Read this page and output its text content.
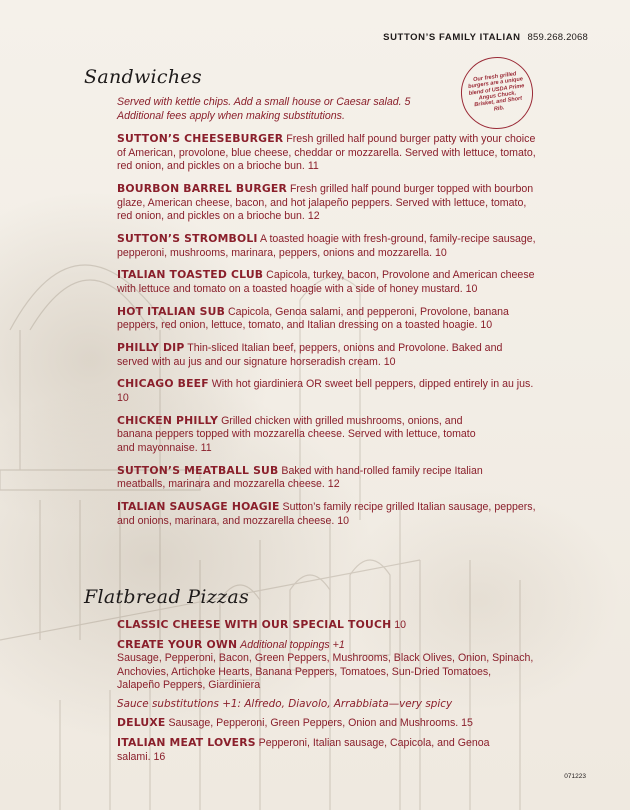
SUTTON’S FAMILY ITALIAN 859.268.2068
Our fresh grilled burgers are a unique blend of USDA Prime Angus Chuck, Brisket, and Short Rib.
Sandwiches
Served with kettle chips. Add a small house or Caesar salad. 5
Additional fees apply when making substitutions.
SUTTON’S CHEESEBURGER Fresh grilled half pound burger patty with your choice of American, provolone, blue cheese, cheddar or mozzarella. Served with lettuce, tomato, red onion, and pickles on a brioche bun. 11
BOURBON BARREL BURGER Fresh grilled half pound burger topped with bourbon glaze, American cheese, bacon, and hot jalapeño peppers. Served with lettuce, tomato, red onion, and pickles on a brioche bun. 12
SUTTON’S STROMBOLI A toasted hoagie with fresh-ground, family-recipe sausage, pepperoni, mushrooms, marinara, peppers, onions and mozzarella. 10
ITALIAN TOASTED CLUB Capicola, turkey, bacon, Provolone and American cheese with lettuce and tomato on a toasted hoagie with a side of honey mustard. 10
HOT ITALIAN SUB Capicola, Genoa salami, and pepperoni, Provolone, banana peppers, red onion, lettuce, tomato, and Italian dressing on a toasted hoagie. 10
PHILLY DIP Thin-sliced Italian beef, peppers, onions and Provolone. Baked and served with au jus and our signature horseradish cream. 10
CHICAGO BEEF With hot giardiniera OR sweet bell peppers, dipped entirely in au jus. 10
CHICKEN PHILLY Grilled chicken with grilled mushrooms, onions, and banana peppers topped with mozzarella cheese. Served with lettuce, tomato and mayonnaise. 11
SUTTON’S MEATBALL SUB Baked with hand-rolled family recipe Italian meatballs, marinara and mozzarella cheese. 12
ITALIAN SAUSAGE HOAGIE Sutton’s family recipe grilled Italian sausage, peppers, and onions, marinara, and mozzarella cheese. 10
Flatbread Pizzas
CLASSIC CHEESE WITH OUR SPECIAL TOUCH 10
CREATE YOUR OWN Additional toppings +1
Sausage, Pepperoni, Bacon, Green Peppers, Mushrooms, Black Olives, Onion, Spinach, Anchovies, Artichoke Hearts, Banana Peppers, Tomatoes, Sun-Dried Tomatoes, Jalapeño Peppers, Giardiniera
Sauce substitutions +1: Alfredo, Diavolo, Arrabbiata—very spicy
DELUXE Sausage, Pepperoni, Green Peppers, Onion and Mushrooms. 15
ITALIAN MEAT LOVERS Pepperoni, Italian sausage, Capicola, and Genoa salami. 16
071223
